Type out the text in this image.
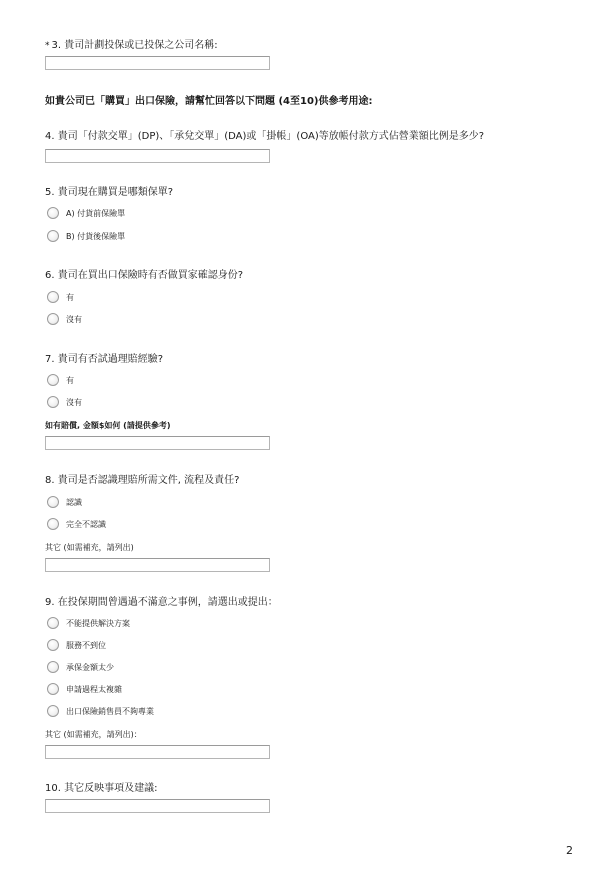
* 3. 貴司計劃投保或已投保之公司名稱:
如貴公司已「購買」出口保險，請幫忙回答以下問題 (4至10)供參考用途:
4. 貴司「付款交單」(DP)、「承兌交單」(DA)或「掛帳」(OA)等放帳付款方式佔營業額比例是多少?
5. 貴司現在購買是哪類保單?
A) 付貨前保險單
B) 付貨後保險單
6. 貴司在買出口保險時有否做買家確認身份?
有
沒有
7. 貴司有否試過理賠經驗?
有
沒有
如有賠償, 金額$如何 (請提供參考)
8. 貴司是否認識理賠所需文件, 流程及責任?
認識
完全不認識
其它 (如需補充，請列出)
9. 在投保期間曾遇過不滿意之事例，請選出或提出：
不能提供解決方案
服務不到位
承保金額太少
申請過程太複雜
出口保險銷售員不夠專業
其它 (如需補充，請列出)：
10. 其它反映事項及建議:
2
